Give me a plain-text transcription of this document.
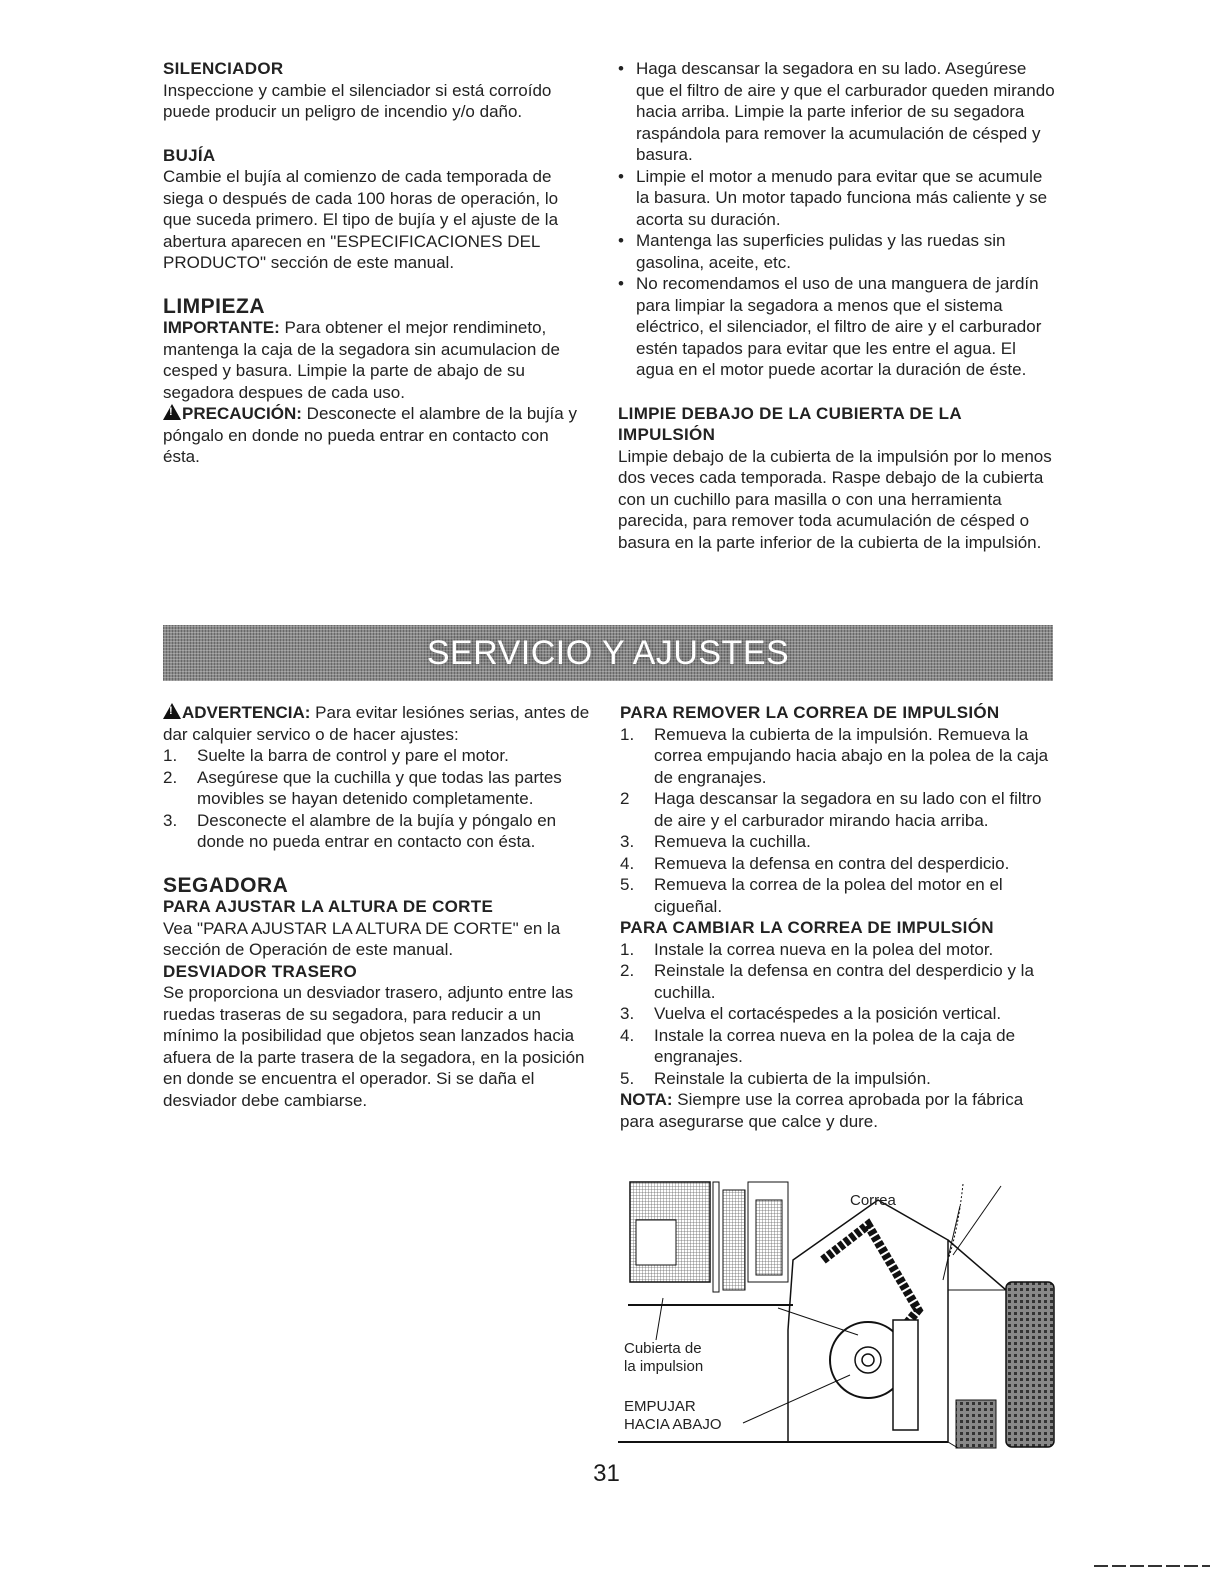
SILENCIADOR

Inspeccione y cambie el silenciador si está corroído puede producir un peligro de incendio y/o daño.

BUJÍA

Cambie el bujía al comienzo de cada temporada de siega o después de cada 100 horas de operación, lo que suceda primero. El tipo de bujía y el ajuste de la abertura aparecen en "ESPECIFICACIONES DEL PRODUCTO" sección de este manual.

LIMPIEZA

IMPORTANTE: Para obtener el mejor rendimineto, mantenga la caja de la segadora sin acumulacion de cesped y basura. Limpie la parte de abajo de su segadora despues de cada uso.

!PRECAUCIÓN: Desconecte el alambre de la bujía y póngalo en donde no pueda entrar en contacto con ésta.

• Haga descansar la segadora en su lado. Asegúrese que el filtro de aire y que el carburador queden mirando hacia arriba. Limpie la parte inferior de su segadora raspándola para remover la acumulación de césped y basura.
• Limpie el motor a menudo para evitar que se acumule la basura. Un motor tapado funciona más caliente y se acorta su duración.
• Mantenga las superficies pulidas y las ruedas sin gasolina, aceite, etc.
• No recomendamos el uso de una manguera de jardín para limpiar la segadora a menos que el sistema eléctrico, el silenciador, el filtro de aire y el carburador estén tapados para evitar que les entre el agua. El agua en el motor puede acortar la duración de éste.
LIMPIE DEBAJO DE LA CUBIERTA DE LA IMPULSIÓN

Limpie debajo de la cubierta de la impulsión por lo menos dos veces cada temporada. Raspe debajo de la cubierta con un cuchillo para masilla o con una herramienta parecida, para remover toda acumulación de césped o basura en la parte inferior de la cubierta de la impulsión.

SERVICIO Y AJUSTES

!ADVERTENCIA: Para evitar lesiónes serias, antes de dar calquier servico o de hacer ajustes:

1. Suelte la barra de control y pare el motor.
2. Asegúrese que la cuchilla y que todas las partes movibles se hayan detenido completamente.
3. Desconecte el alambre de la bujía y póngalo en donde no pueda entrar en contacto con ésta.
SEGADORA
PARA AJUSTAR LA ALTURA DE CORTE

Vea "PARA AJUSTAR LA ALTURA DE CORTE" en la sección de Operación de este manual.

DESVIADOR TRASERO

Se proporciona un desviador trasero, adjunto entre las ruedas traseras de su segadora, para reducir a un mínimo la posibilidad que objetos sean lanzados hacia afuera de la parte trasera de la segadora, en la posición en donde se encuentra el operador. Si se daña el desviador debe cambiarse.

PARA REMOVER LA CORREA DE IMPULSIÓN
1. Remueva la cubierta de la impulsión. Remueva la correa empujando hacia abajo en la polea de la caja de engranajes.
2 Haga descansar la segadora en su lado con el filtro de aire y el carburador mirando hacia arriba.
3. Remueva la cuchilla.
4. Remueva la defensa en contra del desperdicio.
5. Remueva la correa de la polea del motor en el cigueñal.
PARA CAMBIAR LA CORREA DE IMPULSIÓN
1. Instale la correa nueva en la polea del motor.
2. Reinstale la defensa en contra del desperdicio y la cuchilla.
3. Vuelva el cortacéspedes a la posición vertical.
4. Instale la correa nueva en la polea de la caja de engranajes.
5. Reinstale la cubierta de la impulsión.

NOTA: Siempre use la correa aprobada por la fábrica para asegurarse que calce y dure.

Correa
Cubierta de
la impulsion
EMPUJAR
HACIA ABAJO
31
